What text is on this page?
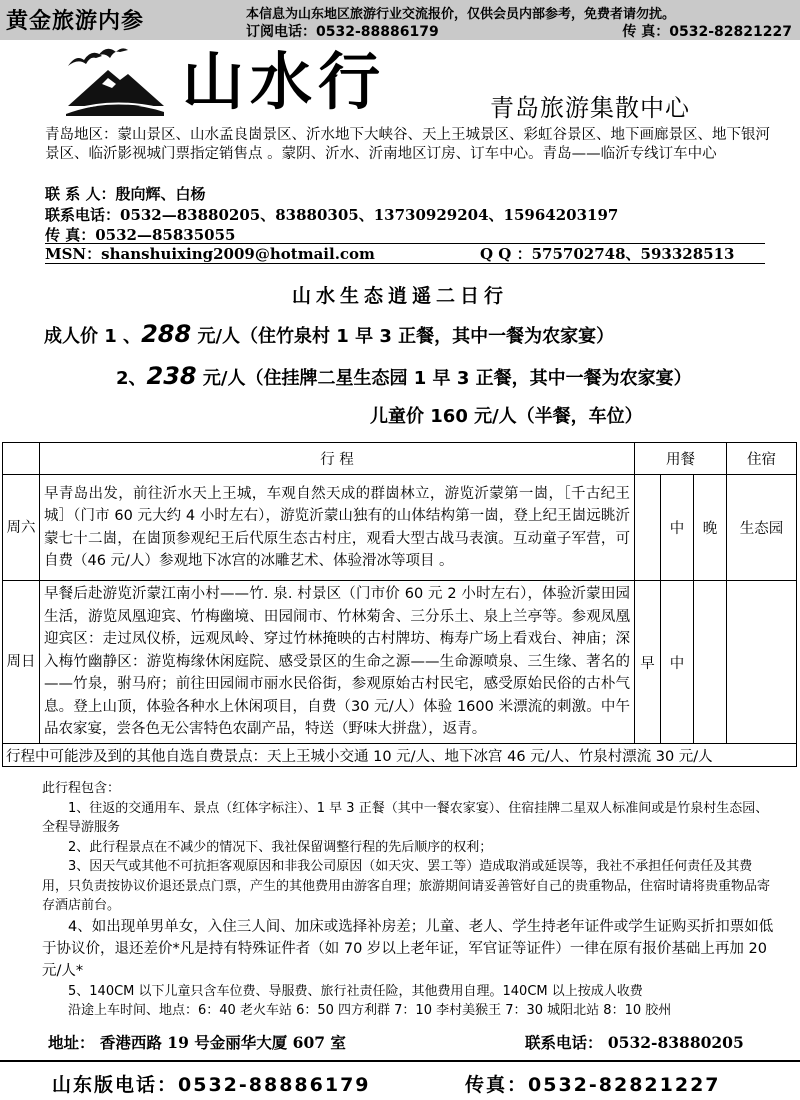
黄金旅游内参	本信息为山东地区旅游行业交流报价，仅供会员内部参考，免费者请勿扰。
订阅电话：0532-88886179	传 真：0532-82821227
山水行	青岛旅游集散中心
青岛地区：蒙山景区、山水孟良崮景区、沂水地下大峡谷、天上王城景区、彩虹谷景区、地下画廊景区、地下银河景区、临沂影视城门票指定销售点 。蒙阴、沂水、沂南地区订房、订车中心。青岛——临沂专线订车中心
联 系 人：殷向辉、白杨
联系电话：0532—83880205、83880305、13730929204、15964203197
传 真：0532—85835055
MSN：shanshuixing2009@hotmail.com	Q Q ：575702748、593328513
山水生态逍遥二日行
成人价 1 、288 元/人（住竹泉村 1 早 3 正餐，其中一餐为农家宴）
2、238 元/人（住挂牌二星生态园 1 早 3 正餐，其中一餐为农家宴）
儿童价 160 元/人（半餐，车位）
	行 程	用餐			住宿
周六	早青岛出发，前往沂水天上王城，车观自然天成的群崮林立，游览沂蒙第一崮，［千古纪王城］（门市 60 元大约 4 小时左右），游览沂蒙山独有的山体结构第一崮，登上纪王崮远眺沂蒙七十二崮，在崮顶参观纪王后代原生态古村庄，观看大型古战马表演。互动童子军营，可自费（46 元/人）参观地下冰宫的冰雕艺术、体验滑冰等项目 。		中	晚	生态园
周日	早餐后赴游览沂蒙江南小村——竹. 泉. 村景区（门市价 60 元 2 小时左右），体验沂蒙田园生活，游览凤凰迎宾、竹梅幽境、田园闹市、竹林菊舍、三分乐土、泉上兰亭等。参观凤凰迎宾区：走过凤仪桥，远观凤岭、穿过竹林掩映的古村牌坊、梅寿广场上看戏台、神庙；深入梅竹幽静区：游览梅缘休闲庭院、感受景区的生命之源——生命源喷泉、三生缘、著名的——竹泉，驸马府；前往田园闹市丽水民俗街，参观原始古村民宅，感受原始民俗的古朴气息。登上山顶，体验各种水上休闲项目，自费（30 元/人）体验 1600 米漂流的刺激。中午品农家宴，尝各色无公害特色农副产品，特送（野味大拼盘），返青。	早	中		
行程中可能涉及到的其他自选自费景点：天上王城小交通 10 元/人、地下冰宫 46 元/人、竹泉村漂流 30 元/人					

此行程包含：

1、往返的交通用车、景点（红体字标注）、1 早 3 正餐（其中一餐农家宴）、住宿挂牌二星双人标准间或是竹泉村生态园、全程导游服务

2、此行程景点在不减少的情况下、我社保留调整行程的先后顺序的权利；

3、因天气或其他不可抗拒客观原因和非我公司原因（如天灾、罢工等）造成取消或延误等，我社不承担任何责任及其费用，只负责按协议价退还景点门票，产生的其他费用由游客自理；旅游期间请妥善管好自己的贵重物品，住宿时请将贵重物品寄存酒店前台。

4、如出现单男单女，入住三人间、加床或选择补房差；儿童、老人、学生持老年证件或学生证购买折扣票如低于协议价，退还差价*凡是持有特殊证件者（如 70 岁以上老年证，军官证等证件）一律在原有报价基础上再加 20 元/人*

5、140CM 以下儿童只含车位费、导服费、旅行社责任险，其他费用自理。140CM 以上按成人收费

沿途上车时间、地点：6：40 老火车站 6：50 四方利群 7：10 李村美猴王 7：30 城阳北站 8：10 胶州

地址： 香港西路 19 号金丽华大厦 607 室	联系电话： 0532-83880205
山东版电话：0532-88886179	传真：0532-82821227
